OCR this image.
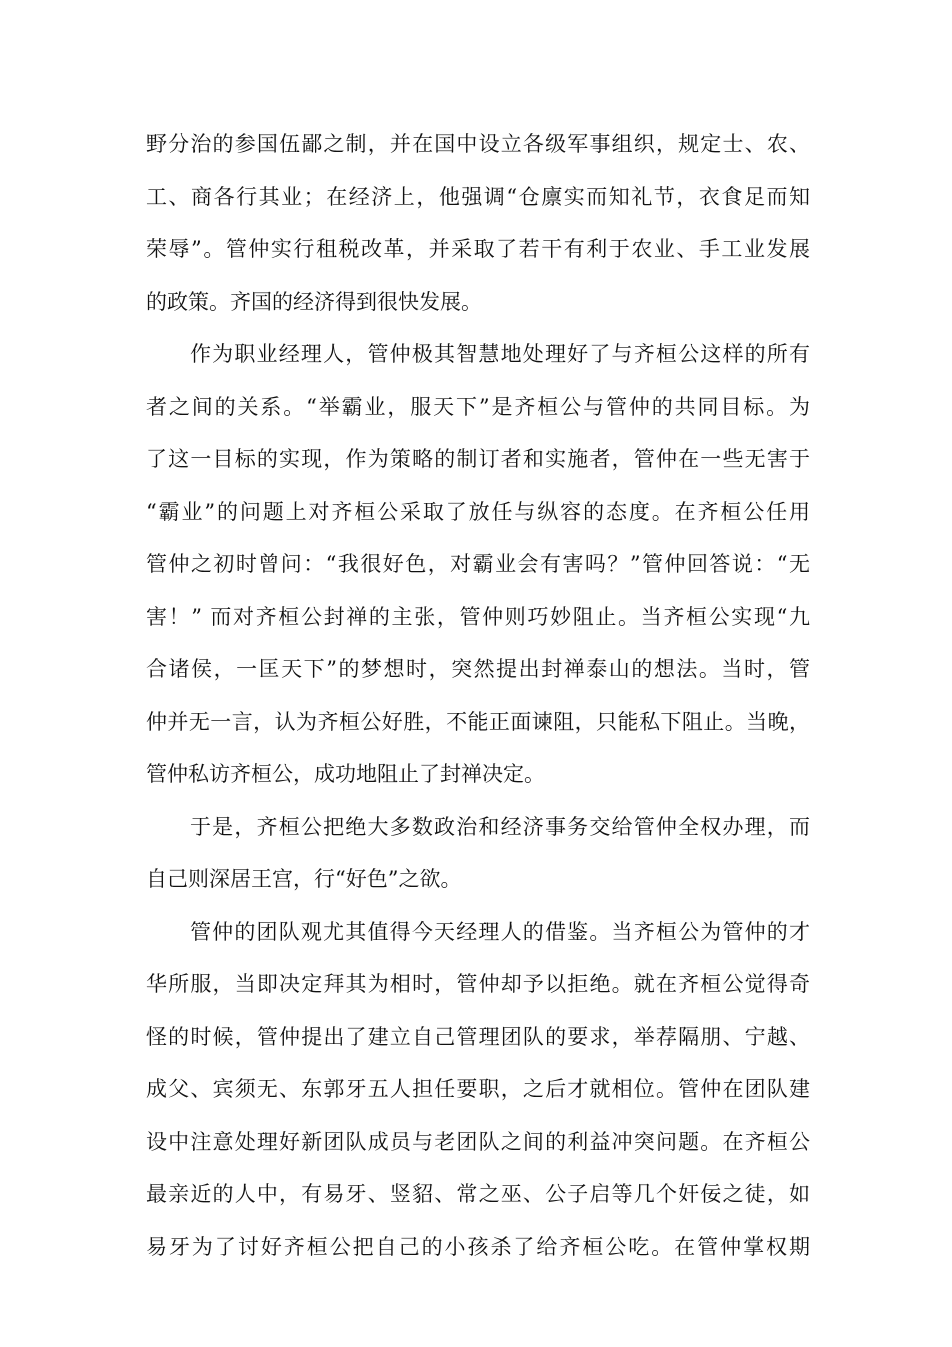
野分治的参国伍鄙之制，并在国中设立各级军事组织，规定士、农、
工、商各行其业；在经济上，他强调“仓廪实而知礼节，衣食足而知
荣辱”。管仲实行租税改革，并采取了若干有利于农业、手工业发展
的政策。齐国的经济得到很快发展。
作为职业经理人，管仲极其智慧地处理好了与齐桓公这样的所有
者之间的关系。“举霸业，服天下”是齐桓公与管仲的共同目标。为
了这一目标的实现，作为策略的制订者和实施者，管仲在一些无害于
“霸业”的问题上对齐桓公采取了放任与纵容的态度。在齐桓公任用
管仲之初时曾问：“我很好色，对霸业会有害吗？”管仲回答说：“无
害！” 而对齐桓公封禅的主张，管仲则巧妙阻止。当齐桓公实现“九
合诸侯，一匡天下”的梦想时，突然提出封禅泰山的想法。当时，管
仲并无一言，认为齐桓公好胜，不能正面谏阻，只能私下阻止。当晚，
管仲私访齐桓公，成功地阻止了封禅决定。
于是，齐桓公把绝大多数政治和经济事务交给管仲全权办理，而
自己则深居王宫，行“好色”之欲。
管仲的团队观尤其值得今天经理人的借鉴。当齐桓公为管仲的才
华所服，当即决定拜其为相时，管仲却予以拒绝。就在齐桓公觉得奇
怪的时候，管仲提出了建立自己管理团队的要求，举荐隔朋、宁越、
成父、宾须无、东郭牙五人担任要职，之后才就相位。管仲在团队建
设中注意处理好新团队成员与老团队之间的利益冲突问题。在齐桓公
最亲近的人中，有易牙、竖貂、常之巫、公子启等几个奸佞之徒，如
易牙为了讨好齐桓公把自己的小孩杀了给齐桓公吃。在管仲掌权期
